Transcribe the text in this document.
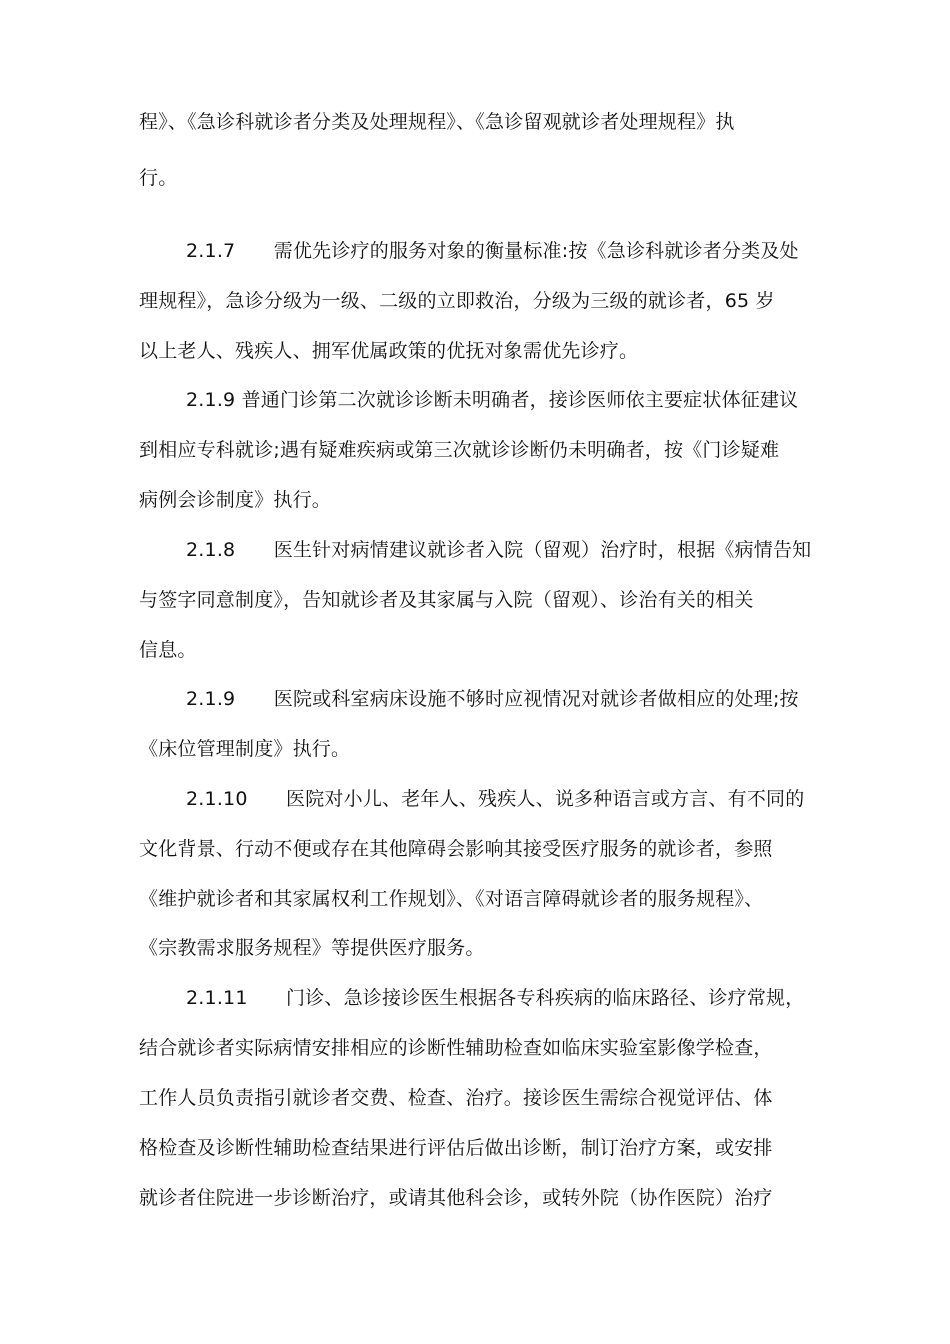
程》、《急诊科就诊者分类及处理规程》、《急诊留观就诊者处理规程》执
行。
2.1.7　　需优先诊疗的服务对象的衡量标准:按《急诊科就诊者分类及处
理规程》，急诊分级为一级、二级的立即救治，分级为三级的就诊者，65 岁
以上老人、残疾人、拥军优属政策的优抚对象需优先诊疗。
2.1.9 普通门诊第二次就诊诊断未明确者，接诊医师依主要症状体征建议
到相应专科就诊;遇有疑难疾病或第三次就诊诊断仍未明确者，按《门诊疑难
病例会诊制度》执行。
2.1.8　　医生针对病情建议就诊者入院（留观）治疗时，根据《病情告知
与签字同意制度》，告知就诊者及其家属与入院（留观）、诊治有关的相关
信息。
2.1.9　　医院或科室病床设施不够时应视情况对就诊者做相应的处理;按
《床位管理制度》执行。
2.1.10　　医院对小儿、老年人、残疾人、说多种语言或方言、有不同的
文化背景、行动不便或存在其他障碍会影响其接受医疗服务的就诊者，参照
《维护就诊者和其家属权利工作规划》、《对语言障碍就诊者的服务规程》、
《宗教需求服务规程》等提供医疗服务。
2.1.11　　门诊、急诊接诊医生根据各专科疾病的临床路径、诊疗常规，
结合就诊者实际病情安排相应的诊断性辅助检查如临床实验室影像学检查，
工作人员负责指引就诊者交费、检查、治疗。接诊医生需综合视觉评估、体
格检查及诊断性辅助检查结果进行评估后做出诊断，制订治疗方案，或安排
就诊者住院进一步诊断治疗，或请其他科会诊，或转外院（协作医院）治疗
